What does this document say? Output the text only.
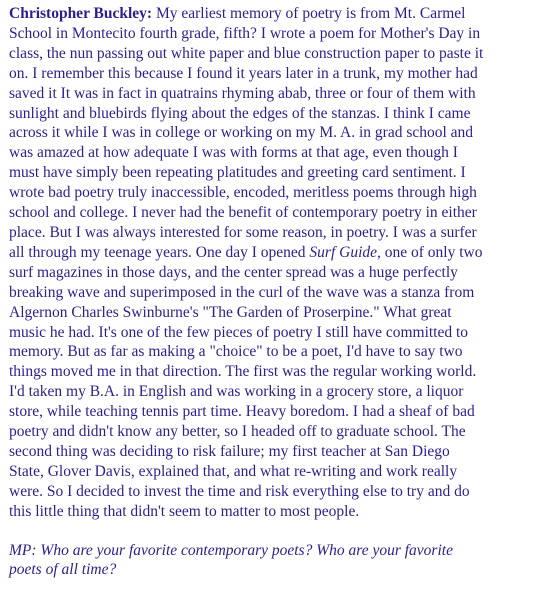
Christopher Buckley: My earliest memory of poetry is from Mt. Carmel
School in Montecito fourth grade, fifth? I wrote a poem for Mother's Day in
class, the nun passing out white paper and blue construction paper to paste it
on. I remember this because I found it years later in a trunk, my mother had
saved it It was in fact in quatrains rhyming abab, three or four of them with
sunlight and bluebirds flying about the edges of the stanzas. I think I came
across it while I was in college or working on my M. A. in grad school and
was amazed at how adequate I was with forms at that age, even though I
must have simply been repeating platitudes and greeting card sentiment. I
wrote bad poetry truly inaccessible, encoded, meritless poems through high
school and college. I never had the benefit of contemporary poetry in either
place. But I was always interested for some reason, in poetry. I was a surfer
all through my teenage years. One day I opened Surf Guide, one of only two
surf magazines in those days, and the center spread was a huge perfectly
breaking wave and superimposed in the curl of the wave was a stanza from
Algernon Charles Swinburne's "The Garden of Proserpine." What great
music he had. It's one of the few pieces of poetry I still have committed to
memory. But as far as making a "choice" to be a poet, I'd have to say two
things moved me in that direction. The first was the regular working world.
I'd taken my B.A. in English and was working in a grocery store, a liquor
store, while teaching tennis part time. Heavy boredom. I had a sheaf of bad
poetry and didn't know any better, so I headed off to graduate school. The
second thing was deciding to risk failure; my first teacher at San Diego
State, Glover Davis, explained that, and what re-writing and work really
were. So I decided to invest the time and risk everything else to try and do
this little thing that didn't seem to matter to most people.

MP: Who are your favorite contemporary poets? Who are your favorite
poets of all time?
